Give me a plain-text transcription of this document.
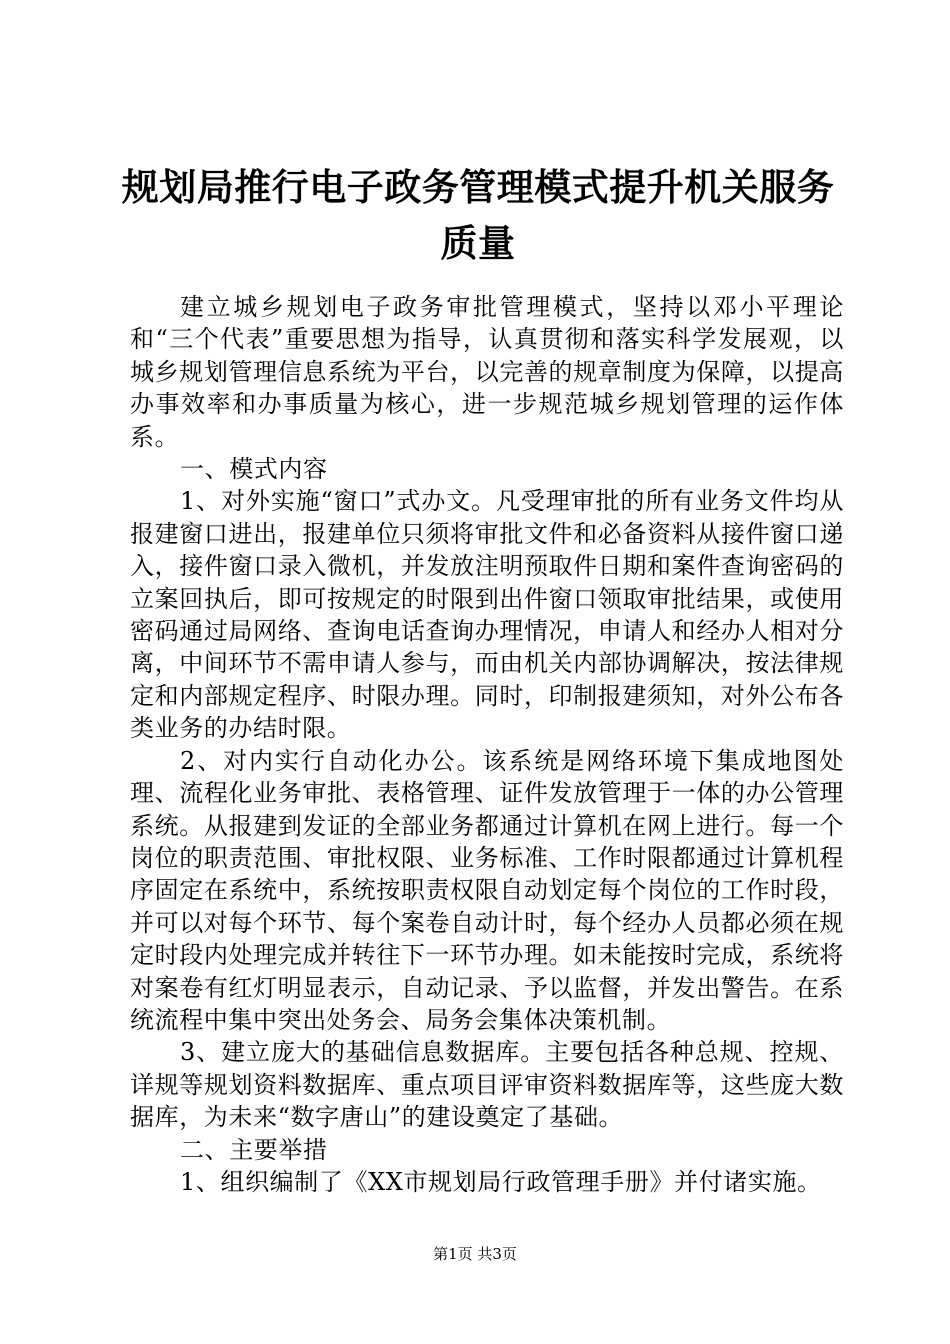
规划局推行电子政务管理模式提升机关服务质量

建立城乡规划电子政务审批管理模式，坚持以邓小平理论和“三个代表”重要思想为指导，认真贯彻和落实科学发展观，以城乡规划管理信息系统为平台，以完善的规章制度为保障，以提高办事效率和办事质量为核心，进一步规范城乡规划管理的运作体系。

一、模式内容

1、对外实施“窗口”式办文。凡受理审批的所有业务文件均从报建窗口进出，报建单位只须将审批文件和必备资料从接件窗口递入，接件窗口录入微机，并发放注明预取件日期和案件查询密码的立案回执后，即可按规定的时限到出件窗口领取审批结果，或使用密码通过局网络、查询电话查询办理情况，申请人和经办人相对分离，中间环节不需申请人参与，而由机关内部协调解决，按法律规定和内部规定程序、时限办理。同时，印制报建须知，对外公布各类业务的办结时限。

2、对内实行自动化办公。该系统是网络环境下集成地图处理、流程化业务审批、表格管理、证件发放管理于一体的办公管理系统。从报建到发证的全部业务都通过计算机在网上进行。每一个岗位的职责范围、审批权限、业务标准、工作时限都通过计算机程序固定在系统中，系统按职责权限自动划定每个岗位的工作时段，并可以对每个环节、每个案卷自动计时，每个经办人员都必须在规定时段内处理完成并转往下一环节办理。如未能按时完成，系统将对案卷有红灯明显表示，自动记录、予以监督，并发出警告。在系统流程中集中突出处务会、局务会集体决策机制。

3、建立庞大的基础信息数据库。主要包括各种总规、控规、详规等规划资料数据库、重点项目评审资料数据库等，这些庞大数据库，为未来“数字唐山”的建设奠定了基础。

二、主要举措

1、组织编制了《XX市规划局行政管理手册》并付诸实施。

第1页 共3页
